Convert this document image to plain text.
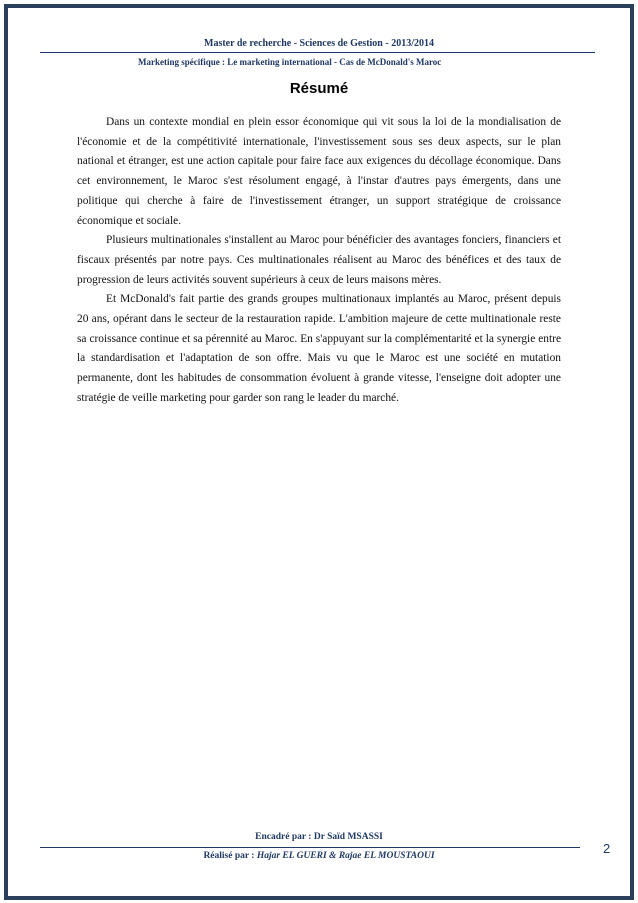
Master de recherche - Sciences de Gestion - 2013/2014
Marketing spécifique : Le marketing international - Cas de McDonald's Maroc
Résumé

Dans un contexte mondial en plein essor économique qui vit sous la loi de la mondialisation de l'économie et de la compétitivité internationale, l'investissement sous ses deux aspects, sur le plan national et étranger, est une action capitale pour faire face aux exigences du décollage économique. Dans cet environnement, le Maroc s'est résolument engagé, à l'instar d'autres pays émergents, dans une politique qui cherche à faire de l'investissement étranger, un support stratégique de croissance économique et sociale.

Plusieurs multinationales s'installent au Maroc pour bénéficier des avantages fonciers, financiers et fiscaux présentés par notre pays. Ces multinationales réalisent au Maroc des bénéfices et des taux de progression de leurs activités souvent supérieurs à ceux de leurs maisons mères.

Et McDonald's fait partie des grands groupes multinationaux implantés au Maroc, présent depuis 20 ans, opérant dans le secteur de la restauration rapide. L'ambition majeure de cette multinationale reste sa croissance continue et sa pérennité au Maroc. En s'appuyant sur la complémentarité et la synergie entre la standardisation et l'adaptation de son offre. Mais vu que le Maroc est une société en mutation permanente, dont les habitudes de consommation évoluent à grande vitesse, l'enseigne doit adopter une stratégie de veille marketing pour garder son rang le leader du marché.

Encadré par : Dr Saïd MSASSI
Réalisé par : Hajar EL GUERI & Rajae EL MOUSTAOUI	2
